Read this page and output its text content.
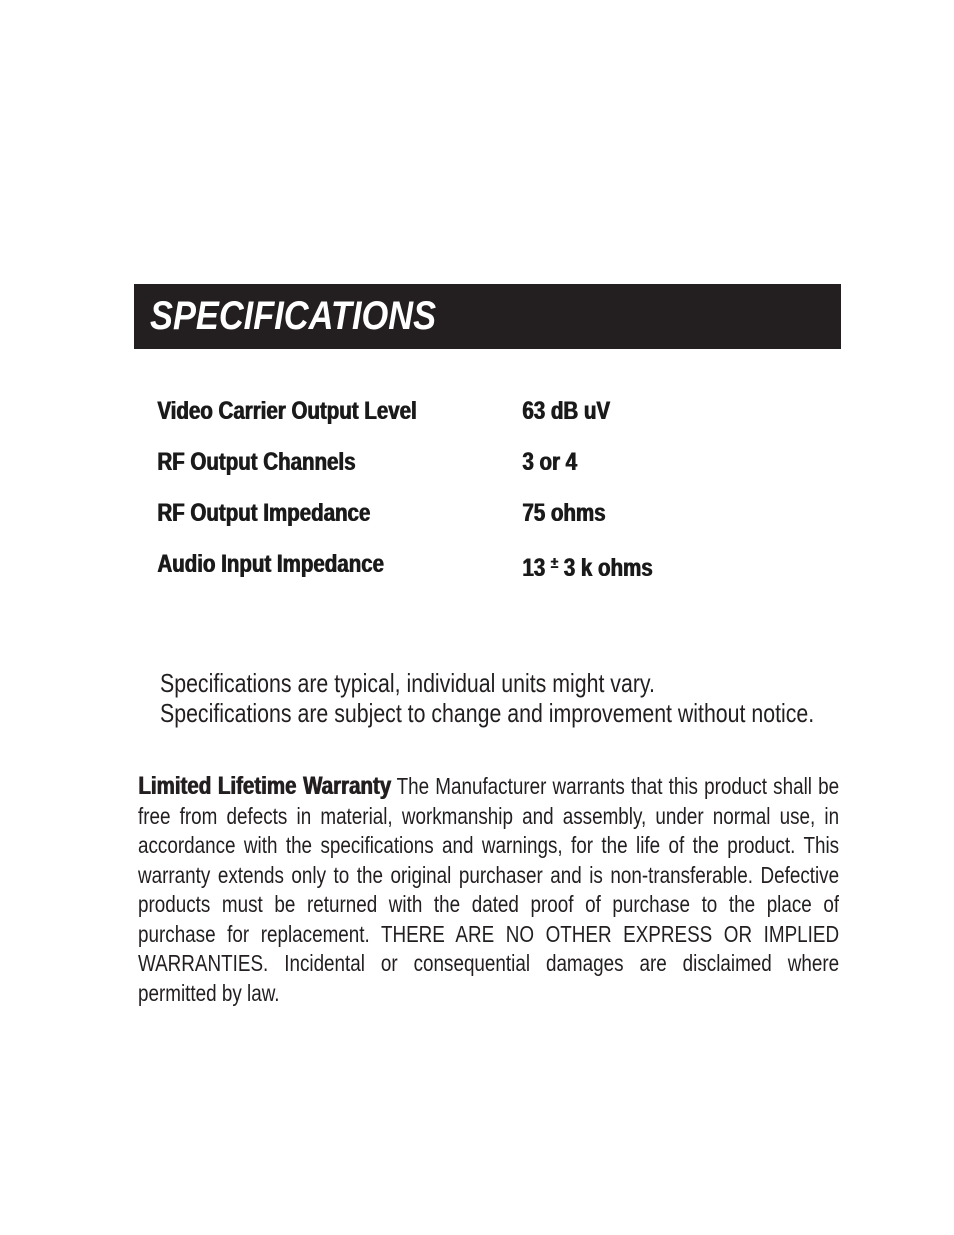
SPECIFICATIONS
Video Carrier Output Level	63 dB uV
RF Output Channels	3 or 4
RF Output Impedance	75 ohms
Audio Input Impedance	13 ± 3 k ohms
Specifications are typical, individual units might vary.
Specifications are subject to change and improvement without notice.
Limited Lifetime Warranty The Manufacturer warrants that this product shall be free from defects in material, workmanship and assembly, under normal use, in accordance with the specifications and warnings, for the life of the product. This warranty extends only to the original purchaser and is non-transferable. Defective products must be returned with the dated proof of purchase to the place of purchase for replacement. THERE ARE NO OTHER EXPRESS OR IMPLIED WARRANTIES. Incidental or consequential damages are disclaimed where permitted by law.
